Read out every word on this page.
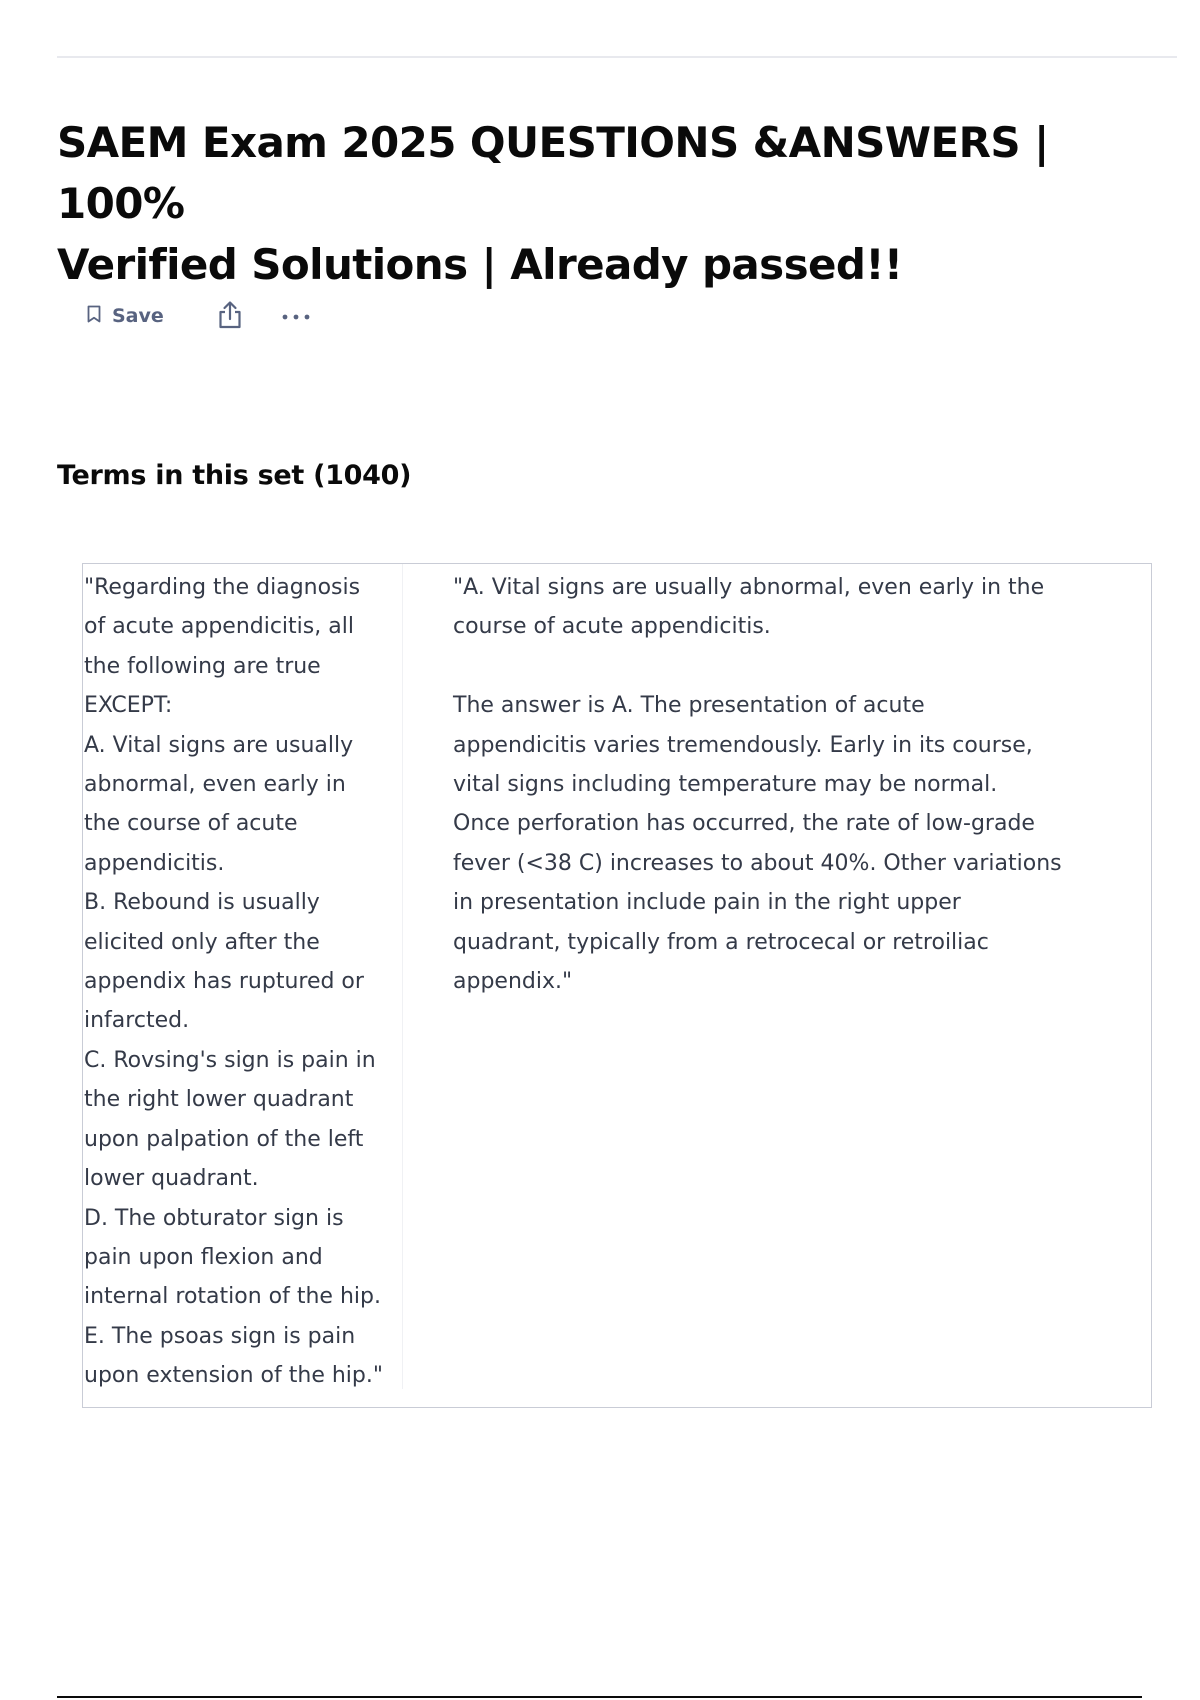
SAEM Exam 2025 QUESTIONS &ANSWERS | 100%
Verified Solutions | Already passed!!
Save
Terms in this set (1040)
"Regarding the diagnosis
of acute appendicitis, all
the following are true
EXCEPT:
A. Vital signs are usually
abnormal, even early in
the course of acute
appendicitis.
B. Rebound is usually
elicited only after the
appendix has ruptured or
infarcted.
C. Rovsing's sign is pain in
the right lower quadrant
upon palpation of the left
lower quadrant.
D. The obturator sign is
pain upon flexion and
internal rotation of the hip.
E. The psoas sign is pain
upon extension of the hip."
"A. Vital signs are usually abnormal, even early in the
course of acute appendicitis.

The answer is A. The presentation of acute
appendicitis varies tremendously. Early in its course,
vital signs including temperature may be normal.
Once perforation has occurred, the rate of low-grade
fever (<38 C) increases to about 40%. Other variations
in presentation include pain in the right upper
quadrant, typically from a retrocecal or retroiliac
appendix."
